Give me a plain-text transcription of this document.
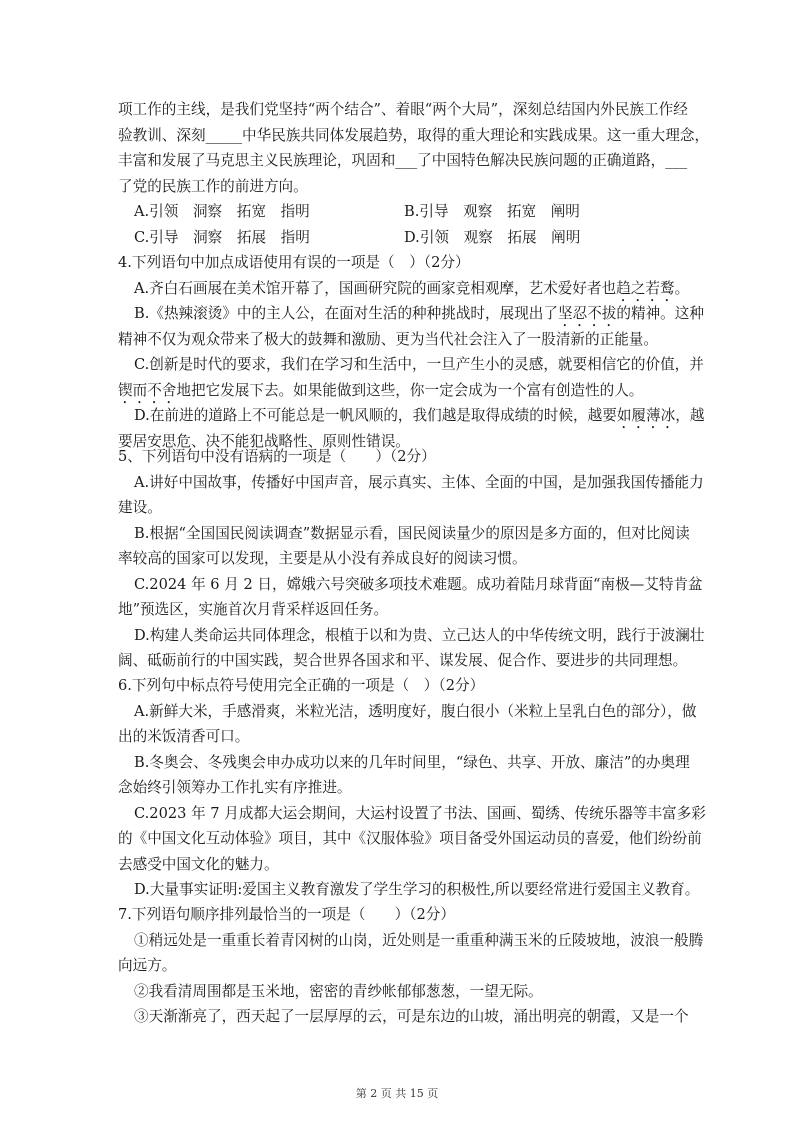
项工作的主线，是我们党坚持“两个结合”、着眼“两个大局”，深刻总结国内外民族工作经
验教训、深刻_____中华民族共同体发展趋势，取得的重大理论和实践成果。这一重大理念，
丰富和发展了马克思主义民族理论，巩固和___了中国特色解决民族问题的正确道路，___
了党的民族工作的前进方向。
A.引领　洞察　拓宽　指明	B.引导　观察　拓宽　阐明
C.引导　洞察　拓展　指明	D.引领　观察　拓展　阐明
4.下列语句中加点成语使用有误的一项是（　）（2分）
A.齐白石画展在美术馆开幕了，国画研究院的画家竞相观摩，艺术爱好者也趋之若鹜。
B.《热辣滚烫》中的主人公，在面对生活的种种挑战时，展现出了坚忍不拔的精神。这种
精神不仅为观众带来了极大的鼓舞和激励、更为当代社会注入了一股清新的正能量。
C.创新是时代的要求，我们在学习和生活中，一旦产生小的灵感，就要相信它的价值，并
锲而不舍地把它发展下去。如果能做到这些，你一定会成为一个富有创造性的人。
D.在前进的道路上不可能总是一帆风顺的，我们越是取得成绩的时候，越要如履薄冰，越
要居安思危、决不能犯战略性、原则性错误。
5、下列语句中没有语病的一项是（　　）（2分）
A.讲好中国故事，传播好中国声音，展示真实、主体、全面的中国，是加强我国传播能力
建设。
B.根据“全国国民阅读调查”数据显示看，国民阅读量少的原因是多方面的，但对比阅读
率较高的国家可以发现，主要是从小没有养成良好的阅读习惯。
C.2024 年 6 月 2 日，嫦娥六号突破多项技术难题。成功着陆月球背面“南极—艾特肯盆
地”预选区，实施首次月背采样返回任务。
D.构建人类命运共同体理念，根植于以和为贵、立己达人的中华传统文明，践行于波澜壮
阔、砥砺前行的中国实践，契合世界各国求和平、谋发展、促合作、要进步的共同理想。
6.下列句中标点符号使用完全正确的一项是（　）（2分）
A.新鲜大米，手感滑爽，米粒光洁，透明度好，腹白很小（米粒上呈乳白色的部分），做
出的米饭清香可口。
B.冬奥会、冬残奥会申办成功以来的几年时间里，“绿色、共享、开放、廉洁”的办奥理
念始终引领筹办工作扎实有序推进。
C.2023 年 7 月成都大运会期间，大运村设置了书法、国画、蜀绣、传统乐器等丰富多彩
的《中国文化互动体验》项目，其中《汉服体验》项目备受外国运动员的喜爱，他们纷纷前
去感受中国文化的魅力。
D.大量事实证明:爱国主义教育激发了学生学习的积极性,所以要经常进行爱国主义教育。
7.下列语句顺序排列最恰当的一项是（　　）（2分）
①稍远处是一重重长着青冈树的山岗，近处则是一重重种满玉米的丘陵坡地，波浪一般腾
向远方。
②我看清周围都是玉米地，密密的青纱帐郁郁葱葱，一望无际。
③天渐渐亮了，西天起了一层厚厚的云，可是东边的山坡，涌出明亮的朝霞，又是一个
第 2 页 共 15 页
